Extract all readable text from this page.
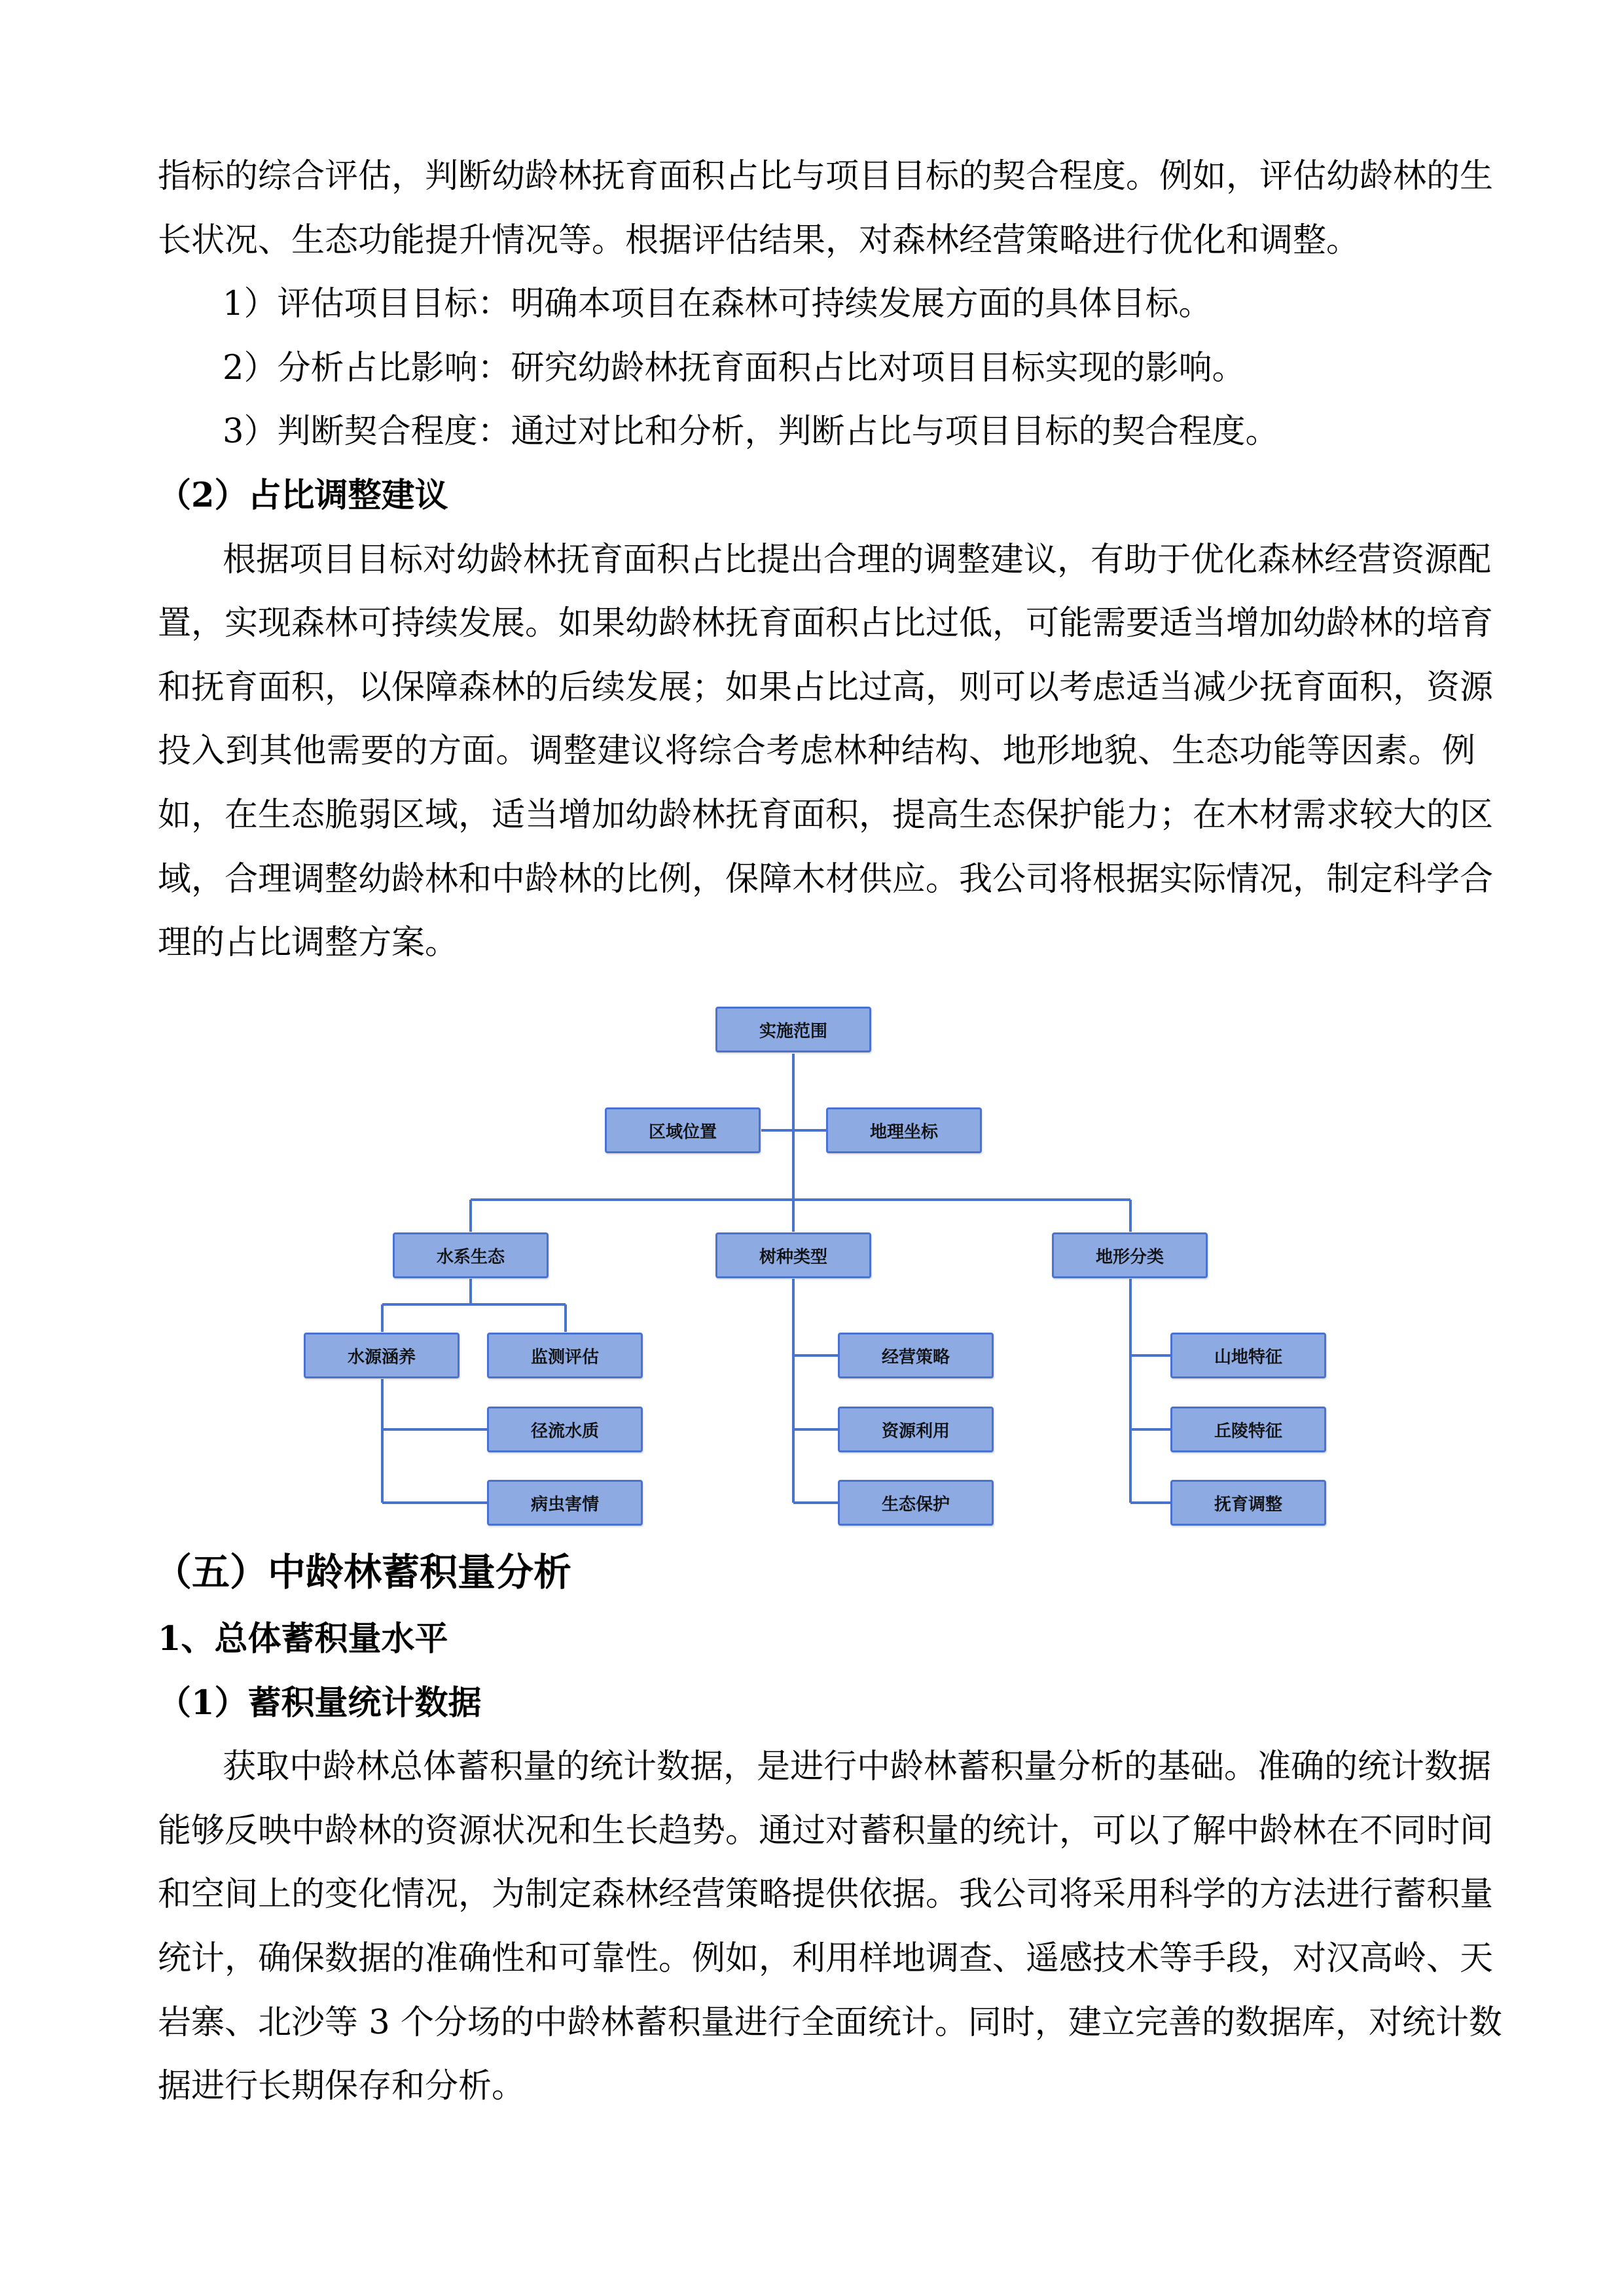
指标的综合评估，判断幼龄林抚育面积占比与项目目标的契合程度。例如，评估幼龄林的生
长状况、生态功能提升情况等。根据评估结果，对森林经营策略进行优化和调整。
1）评估项目目标：明确本项目在森林可持续发展方面的具体目标。
2）分析占比影响：研究幼龄林抚育面积占比对项目目标实现的影响。
3）判断契合程度：通过对比和分析，判断占比与项目目标的契合程度。
（2）占比调整建议
根据项目目标对幼龄林抚育面积占比提出合理的调整建议，有助于优化森林经营资源配
置，实现森林可持续发展。如果幼龄林抚育面积占比过低，可能需要适当增加幼龄林的培育
和抚育面积，以保障森林的后续发展；如果占比过高，则可以考虑适当减少抚育面积，资源
投入到其他需要的方面。调整建议将综合考虑林种结构、地形地貌、生态功能等因素。例
如，在生态脆弱区域，适当增加幼龄林抚育面积，提高生态保护能力；在木材需求较大的区
域，合理调整幼龄林和中龄林的比例，保障木材供应。我公司将根据实际情况，制定科学合
理的占比调整方案。
实施范围
区域位置	地理坐标
水系生态	树种类型	地形分类
水源涵养	监测评估
径流水质
病虫害情
经营策略
资源利用
生态保护
山地特征
丘陵特征
抚育调整
（五）中龄林蓄积量分析
1、总体蓄积量水平
（1）蓄积量统计数据
获取中龄林总体蓄积量的统计数据，是进行中龄林蓄积量分析的基础。准确的统计数据
能够反映中龄林的资源状况和生长趋势。通过对蓄积量的统计，可以了解中龄林在不同时间
和空间上的变化情况，为制定森林经营策略提供依据。我公司将采用科学的方法进行蓄积量
统计，确保数据的准确性和可靠性。例如，利用样地调查、遥感技术等手段，对汉高岭、天
岩寨、北沙等 3 个分场的中龄林蓄积量进行全面统计。同时，建立完善的数据库，对统计数
据进行长期保存和分析。
